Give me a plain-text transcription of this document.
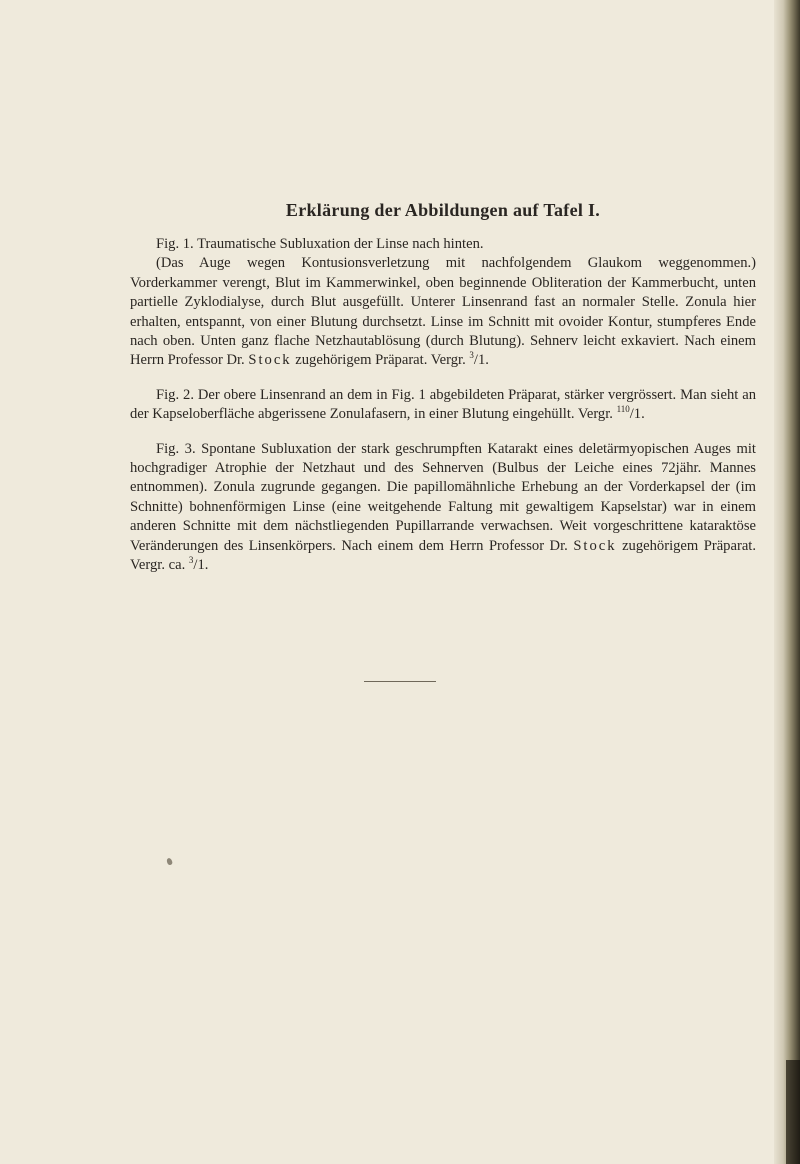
Erklärung der Abbildungen auf Tafel I.

Fig. 1. Traumatische Subluxation der Linse nach hinten.

(Das Auge wegen Kontusionsverletzung mit nachfolgendem Glaukom weggenommen.) Vorderkammer verengt, Blut im Kammerwinkel, oben beginnende Obliteration der Kammerbucht, unten partielle Zyklodialyse, durch Blut ausgefüllt. Unterer Linsenrand fast an normaler Stelle. Zonula hier erhalten, entspannt, von einer Blutung durchsetzt. Linse im Schnitt mit ovoider Kontur, stumpferes Ende nach oben. Unten ganz flache Netzhautablösung (durch Blutung). Sehnerv leicht exkaviert. Nach einem Herrn Professor Dr. Stock zugehörigem Präparat. Vergr. $^3$/1.

Fig. 2. Der obere Linsenrand an dem in Fig. 1 abgebildeten Präparat, stärker vergrössert. Man sieht an der Kapseloberfläche abgerissene Zonulafasern, in einer Blutung eingehüllt. Vergr. $^{110}$/1.

Fig. 3. Spontane Subluxation der stark geschrumpften Katarakt eines deletärmyopischen Auges mit hochgradiger Atrophie der Netzhaut und des Sehnerven (Bulbus der Leiche eines 72jähr. Mannes entnommen). Zonula zugrunde gegangen. Die papillomähnliche Erhebung an der Vorderkapsel der (im Schnitte) bohnenförmigen Linse (eine weitgehende Faltung mit gewaltigem Kapselstar) war in einem anderen Schnitte mit dem nächstliegenden Pupillarrande verwachsen. Weit vorgeschrittene kataraktöse Veränderungen des Linsenkörpers. Nach einem dem Herrn Professor Dr. Stock zugehörigem Präparat. Vergr. ca. $^3$/1.
